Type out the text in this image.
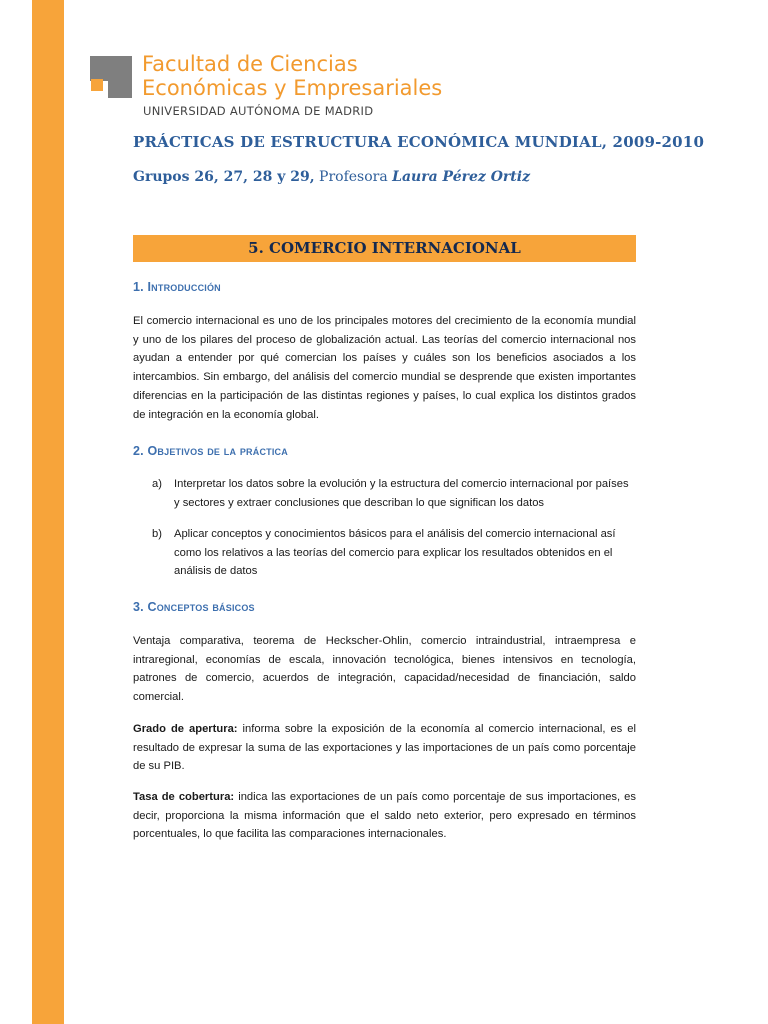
Facultad de Ciencias
Económicas y Empresariales
UNIVERSIDAD AUTÓNOMA DE MADRID
PRÁCTICAS DE ESTRUCTURA ECONÓMICA MUNDIAL, 2009-2010
Grupos 26, 27, 28 y 29, Profesora Laura Pérez Ortiz
5. COMERCIO INTERNACIONAL
1. Introducción
El comercio internacional es uno de los principales motores del crecimiento de la economía mundial y uno de los pilares del proceso de globalización actual. Las teorías del comercio internacional nos ayudan a entender por qué comercian los países y cuáles son los beneficios asociados a los intercambios. Sin embargo, del análisis del comercio mundial se desprende que existen importantes diferencias en la participación de las distintas regiones y países, lo cual explica los distintos grados de integración en la economía global.
2. Objetivos de la práctica
a) Interpretar los datos sobre la evolución y la estructura del comercio internacional por países y sectores y extraer conclusiones que describan lo que significan los datos
b) Aplicar conceptos y conocimientos básicos para el análisis del comercio internacional así como los relativos a las teorías del comercio para explicar los resultados obtenidos en el análisis de datos
3. Conceptos básicos
Ventaja comparativa, teorema de Heckscher-Ohlin, comercio intraindustrial, intraempresa e intraregional, economías de escala, innovación tecnológica, bienes intensivos en tecnología, patrones de comercio, acuerdos de integración, capacidad/necesidad de financiación, saldo comercial.
Grado de apertura: informa sobre la exposición de la economía al comercio internacional, es el resultado de expresar la suma de las exportaciones y las importaciones de un país como porcentaje de su PIB.
Tasa de cobertura: indica las exportaciones de un país como porcentaje de sus importaciones, es decir, proporciona la misma información que el saldo neto exterior, pero expresado en términos porcentuales, lo que facilita las comparaciones internacionales.
